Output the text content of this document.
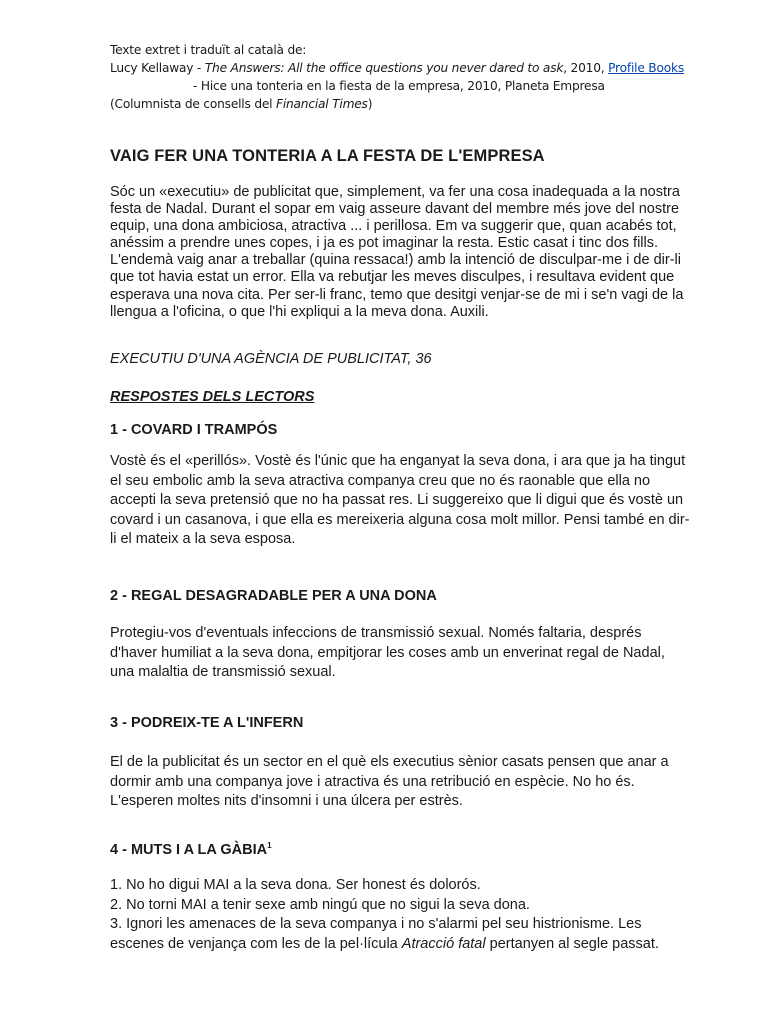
Texte extret i traduït al català de:
Lucy Kellaway - The Answers: All the office questions you never dared to ask, 2010, Profile Books
- Hice una tonteria en la fiesta de la empresa, 2010, Planeta Empresa
(Columnista de consells del Financial Times)
VAIG FER UNA TONTERIA A LA FESTA DE L'EMPRESA

Sóc un «executiu» de publicitat que, simplement, va fer una cosa inadequada a la nostra festa de Nadal. Durant el sopar em vaig asseure davant del membre més jove del nostre equip, una dona ambiciosa, atractiva ... i perillosa. Em va suggerir que, quan acabés tot, anéssim a prendre unes copes, i ja es pot imaginar la resta. Estic casat i tinc dos fills. L'endemà vaig anar a treballar (quina ressaca!) amb la intenció de disculpar-me i de dir-li que tot havia estat un error. Ella va rebutjar les meves disculpes, i resultava evident que esperava una nova cita. Per ser-li franc, temo que desitgi venjar-se de mi i se'n vagi de la llengua a l'oficina, o que l'hi expliqui a la meva dona. Auxili.

EXECUTIU D'UNA AGÈNCIA DE PUBLICITAT, 36

RESPOSTES DELS LECTORS

1 - COVARD I TRAMPÓS

Vostè és el «perillós». Vostè és l'únic que ha enganyat la seva dona, i ara que ja ha tingut el seu embolic amb la seva atractiva companya creu que no és raonable que ella no accepti la seva pretensió que no ha passat res. Li suggereixo que li digui que és vostè un covard i un casanova, i que ella es mereixeria alguna cosa molt millor. Pensi també en dir-li el mateix a la seva esposa.

2 - REGAL DESAGRADABLE PER A UNA DONA

Protegiu-vos d'eventuals infeccions de transmissió sexual. Només faltaria, després d'haver humiliat a la seva dona, empitjorar les coses amb un enverinat regal de Nadal, una malaltia de transmissió sexual.

3 - PODREIX-TE A L'INFERN

El de la publicitat és un sector en el què els executius sènior casats pensen que anar a dormir amb una companya jove i atractiva és una retribució en espècie. No ho és. L'esperen moltes nits d'insomni i una úlcera per estrès.

4 - MUTS I A LA GÀBIA$^1$
1. No ho digui MAI a la seva dona. Ser honest és dolorós.
2. No torni MAI a tenir sexe amb ningú que no sigui la seva dona.
3. Ignori les amenaces de la seva companya i no s'alarmi pel seu histrionisme. Les escenes de venjança com les de la pel·lícula Atracció fatal pertanyen al segle passat.
